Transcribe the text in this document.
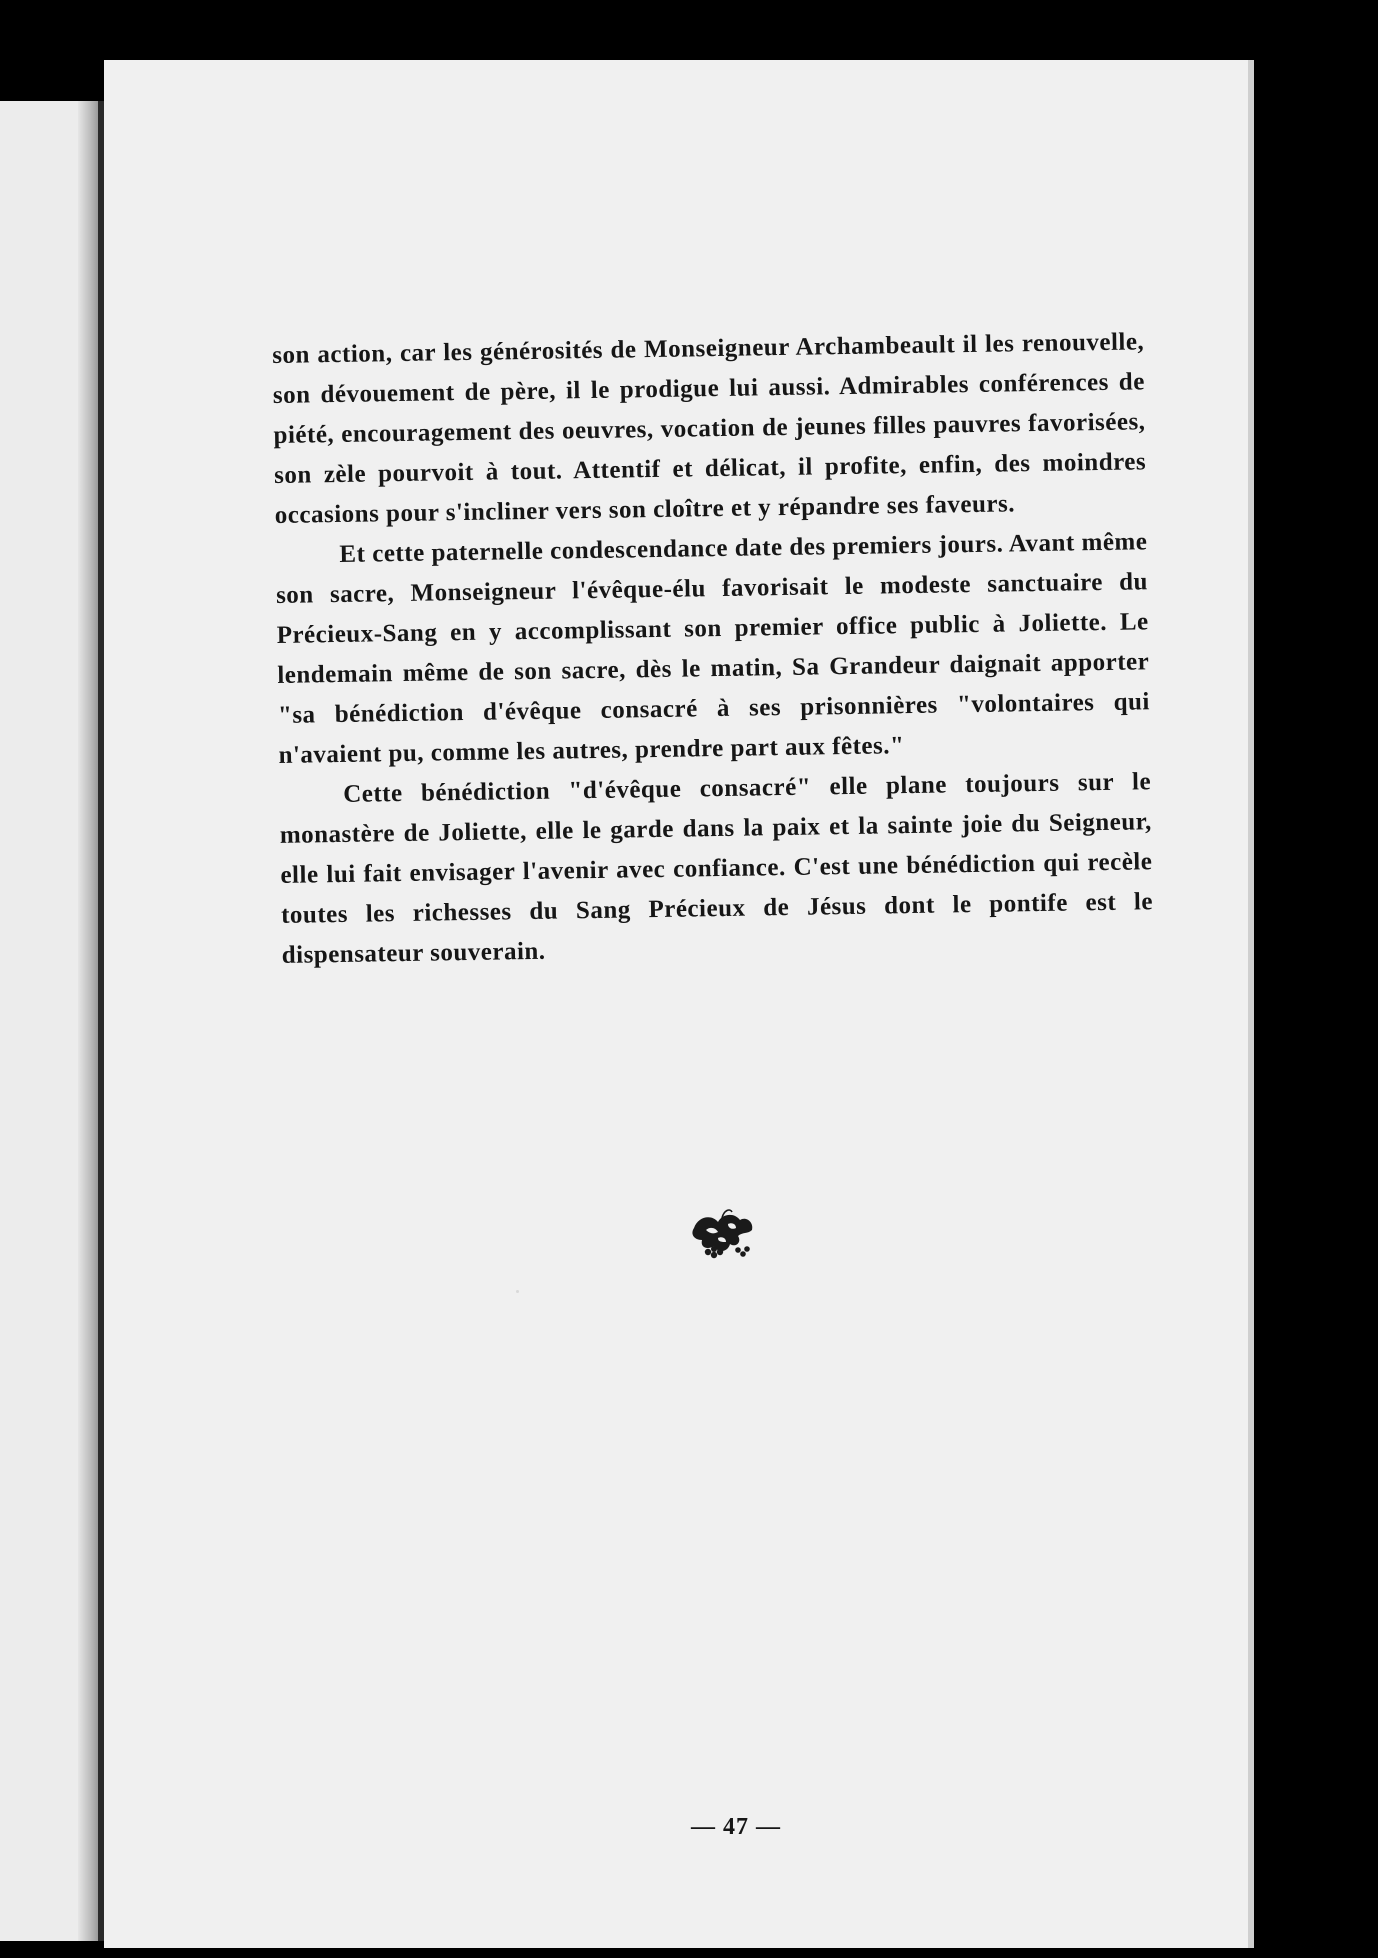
son action, car les générosités de Monseigneur Archambeault il les renouvelle, son dévouement de père, il le prodigue lui aussi. Admirables conférences de piété, encouragement des oeuvres, vocation de jeunes filles pauvres favorisées, son zèle pourvoit à tout. Attentif et délicat, il profite, enfin, des moindres occasions pour s'incliner vers son cloître et y répandre ses faveurs.

Et cette paternelle condescendance date des premiers jours. Avant même son sacre, Monseigneur l'évêque-élu favorisait le modeste sanctuaire du Précieux-Sang en y accomplissant son premier office public à Joliette. Le lendemain même de son sacre, dès le matin, Sa Grandeur daignait apporter "sa bénédiction d'évêque consacré à ses prisonnières "volontaires qui n'avaient pu, comme les autres, prendre part aux fêtes."

Cette bénédiction "d'évêque consacré" elle plane toujours sur le monastère de Joliette, elle le garde dans la paix et la sainte joie du Seigneur, elle lui fait envisager l'avenir avec confiance. C'est une bénédiction qui recèle toutes les richesses du Sang Précieux de Jésus dont le pontife est le dispensateur souverain.

— 47 —
